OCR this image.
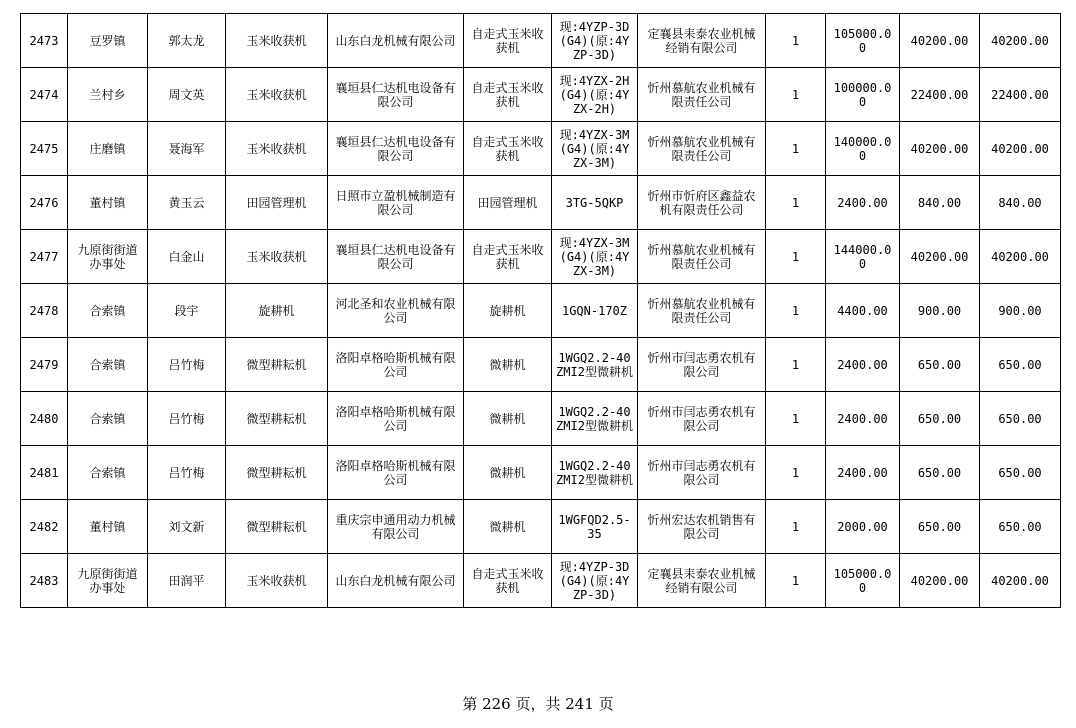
2473	豆罗镇	郭太龙	玉米收获机	山东白龙机械有限公司	自走式玉米收获机	现:4YZP-3D(G4)(原:4YZP-3D)	定襄县耒泰农业机械经销有限公司	1	105000.00	40200.00	40200.00
2474	兰村乡	周文英	玉米收获机	襄垣县仁达机电设备有限公司	自走式玉米收获机	现:4YZX-2H(G4)(原:4YZX-2H)	忻州慕航农业机械有限责任公司	1	100000.00	22400.00	22400.00
2475	庄磨镇	聂海军	玉米收获机	襄垣县仁达机电设备有限公司	自走式玉米收获机	现:4YZX-3M(G4)(原:4YZX-3M)	忻州慕航农业机械有限责任公司	1	140000.00	40200.00	40200.00
2476	董村镇	黄玉云	田园管理机	日照市立盈机械制造有限公司	田园管理机	3TG-5QKP	忻州市忻府区鑫益农机有限责任公司	1	2400.00	840.00	840.00
2477	九原街街道办事处	白金山	玉米收获机	襄垣县仁达机电设备有限公司	自走式玉米收获机	现:4YZX-3M(G4)(原:4YZX-3M)	忻州慕航农业机械有限责任公司	1	144000.00	40200.00	40200.00
2478	合索镇	段宇	旋耕机	河北圣和农业机械有限公司	旋耕机	1GQN-170Z	忻州慕航农业机械有限责任公司	1	4400.00	900.00	900.00
2479	合索镇	吕竹梅	微型耕耘机	洛阳卓格哈斯机械有限公司	微耕机	1WGQ2.2-40ZMI2型微耕机	忻州市闫志勇农机有限公司	1	2400.00	650.00	650.00
2480	合索镇	吕竹梅	微型耕耘机	洛阳卓格哈斯机械有限公司	微耕机	1WGQ2.2-40ZMI2型微耕机	忻州市闫志勇农机有限公司	1	2400.00	650.00	650.00
2481	合索镇	吕竹梅	微型耕耘机	洛阳卓格哈斯机械有限公司	微耕机	1WGQ2.2-40ZMI2型微耕机	忻州市闫志勇农机有限公司	1	2400.00	650.00	650.00
2482	董村镇	刘文新	微型耕耘机	重庆宗申通用动力机械有限公司	微耕机	1WGFQD2.5-35	忻州宏达农机销售有限公司	1	2000.00	650.00	650.00
2483	九原街街道办事处	田润平	玉米收获机	山东白龙机械有限公司	自走式玉米收获机	现:4YZP-3D(G4)(原:4YZP-3D)	定襄县耒泰农业机械经销有限公司	1	105000.00	40200.00	40200.00
第 226 页，共 241 页
